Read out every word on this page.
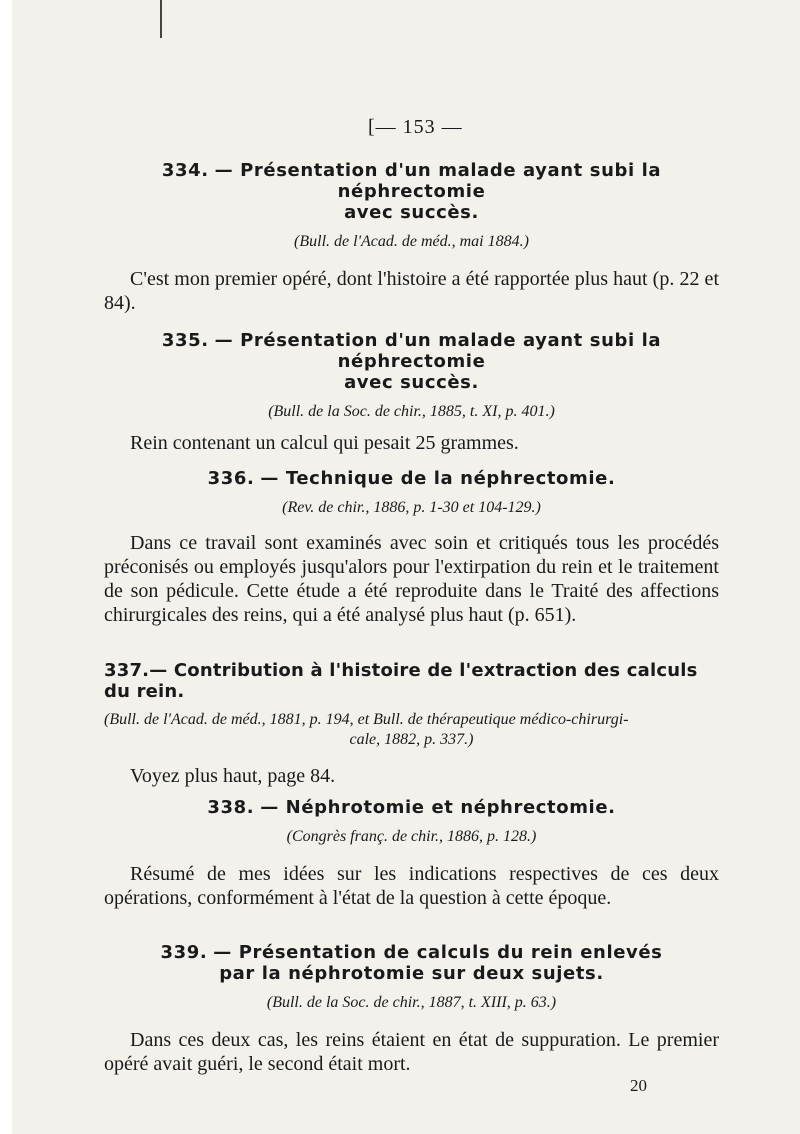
[— 153 —
334. — Présentation d'un malade ayant subi la néphrectomie
avec succès.
(Bull. de l'Acad. de méd., mai 1884.)
C'est mon premier opéré, dont l'histoire a été rapportée plus haut (p. 22 et 84).
335. — Présentation d'un malade ayant subi la néphrectomie
avec succès.
(Bull. de la Soc. de chir., 1885, t. XI, p. 401.)
Rein contenant un calcul qui pesait 25 grammes.
336. — Technique de la néphrectomie.
(Rev. de chir., 1886, p. 1-30 et 104-129.)
Dans ce travail sont examinés avec soin et critiqués tous les procédés préconisés ou employés jusqu'alors pour l'extirpation du rein et le traitement de son pédicule. Cette étude a été reproduite dans le Traité des affections chirurgicales des reins, qui a été analysé plus haut (p. 651).
337.— Contribution à l'histoire de l'extraction des calculs du rein.
(Bull. de l'Acad. de méd., 1881, p. 194, et Bull. de thérapeutique médico-chirurgi-

cale, 1882, p. 337.)
Voyez plus haut, page 84.
338. — Néphrotomie et néphrectomie.
(Congrès franç. de chir., 1886, p. 128.)
Résumé de mes idées sur les indications respectives de ces deux opérations, conformément à l'état de la question à cette époque.
339. — Présentation de calculs du rein enlevés
par la néphrotomie sur deux sujets.
(Bull. de la Soc. de chir., 1887, t. XIII, p. 63.)
Dans ces deux cas, les reins étaient en état de suppuration. Le premier opéré avait guéri, le second était mort.
20
